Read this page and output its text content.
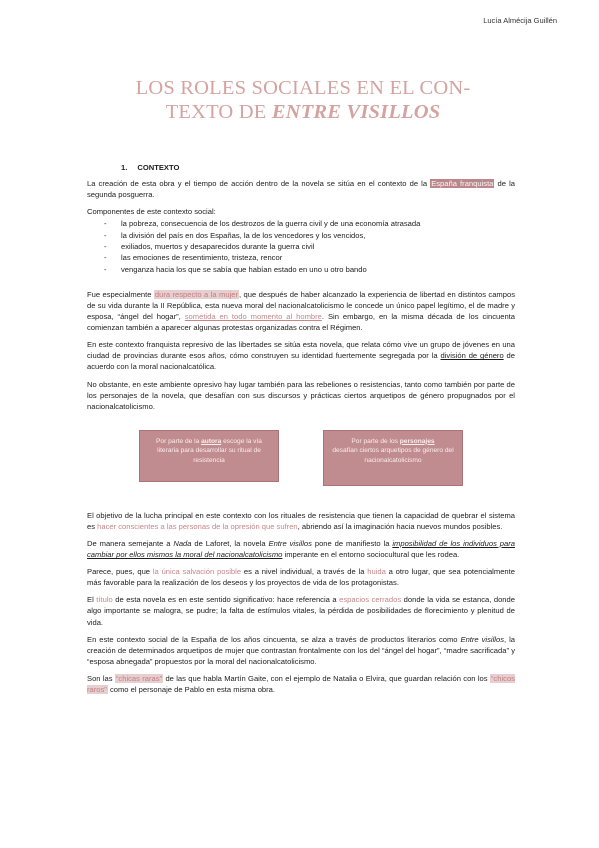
Lucía Almécija Guillén
LOS ROLES SOCIALES EN EL CON-
TEXTO DE ENTRE VISILLOS
1. CONTEXTO

La creación de esta obra y el tiempo de acción dentro de la novela se sitúa en el contexto de la España franquista de la segunda posguerra.

Componentes de este contexto social:
- la pobreza, consecuencia de los destrozos de la guerra civil y de una economía atrasada
- la división del país en dos Españas, la de los vencedores y los vencidos,
- exiliados, muertos y desaparecidos durante la guerra civil
- las emociones de resentimiento, tristeza, rencor
- venganza hacia los que se sabía que habían estado en uno u otro bando

Fue especialmente dura respecto a la mujer, que después de haber alcanzado la experiencia de libertad en distintos campos de su vida durante la II República, esta nueva moral del nacionalcatolicismo le concede un único papel legítimo, el de madre y esposa, “ángel del hogar”, sometida en todo momento al hombre. Sin embargo, en la misma década de los cincuenta comienzan también a aparecer algunas protestas organizadas contra el Régimen.

En este contexto franquista represivo de las libertades se sitúa esta novela, que relata cómo vive un grupo de jóvenes en una ciudad de provincias durante esos años, cómo construyen su identidad fuertemente segregada por la división de género de acuerdo con la moral nacionalcatólica.

No obstante, en este ambiente opresivo hay lugar también para las rebeliones o resistencias, tanto como también por parte de los personajes de la novela, que desafían con sus discursos y prácticas ciertos arquetipos de género propugnados por el nacionalcatolicismo.

Por parte de la autora escoge la vía literaria para desarrollar su ritual de resistencia
Por parte de los personajes
desafían ciertos arquetipos de género del nacionalcatolicismo

El objetivo de la lucha principal en este contexto con los rituales de resistencia que tienen la capacidad de quebrar el sistema es hacer conscientes a las personas de la opresión que sufren, abriendo así la imaginación hacia nuevos mundos posibles.

De manera semejante a Nada de Laforet, la novela Entre visillos pone de manifiesto la imposibilidad de los individuos para cambiar por ellos mismos la moral del nacionalcatolicismo imperante en el entorno sociocultural que les rodea.

Parece, pues, que la única salvación posible es a nivel individual, a través de la huida a otro lugar, que sea potencialmente más favorable para la realización de los deseos y los proyectos de vida de los protagonistas.

El título de esta novela es en este sentido significativo: hace referencia a espacios cerrados donde la vida se estanca, donde algo importante se malogra, se pudre; la falta de estímulos vitales, la pérdida de posibilidades de florecimiento y plenitud de vida.

En este contexto social de la España de los años cincuenta, se alza a través de productos literarios como Entre visillos, la creación de determinados arquetipos de mujer que contrastan frontalmente con los del “ángel del hogar”, “madre sacrificada” y “esposa abnegada” propuestos por la moral del nacionalcatolicismo.

Son las “chicas raras” de las que habla Martín Gaite, con el ejemplo de Natalia o Elvira, que guardan relación con los “chicos raros” como el personaje de Pablo en esta misma obra.
